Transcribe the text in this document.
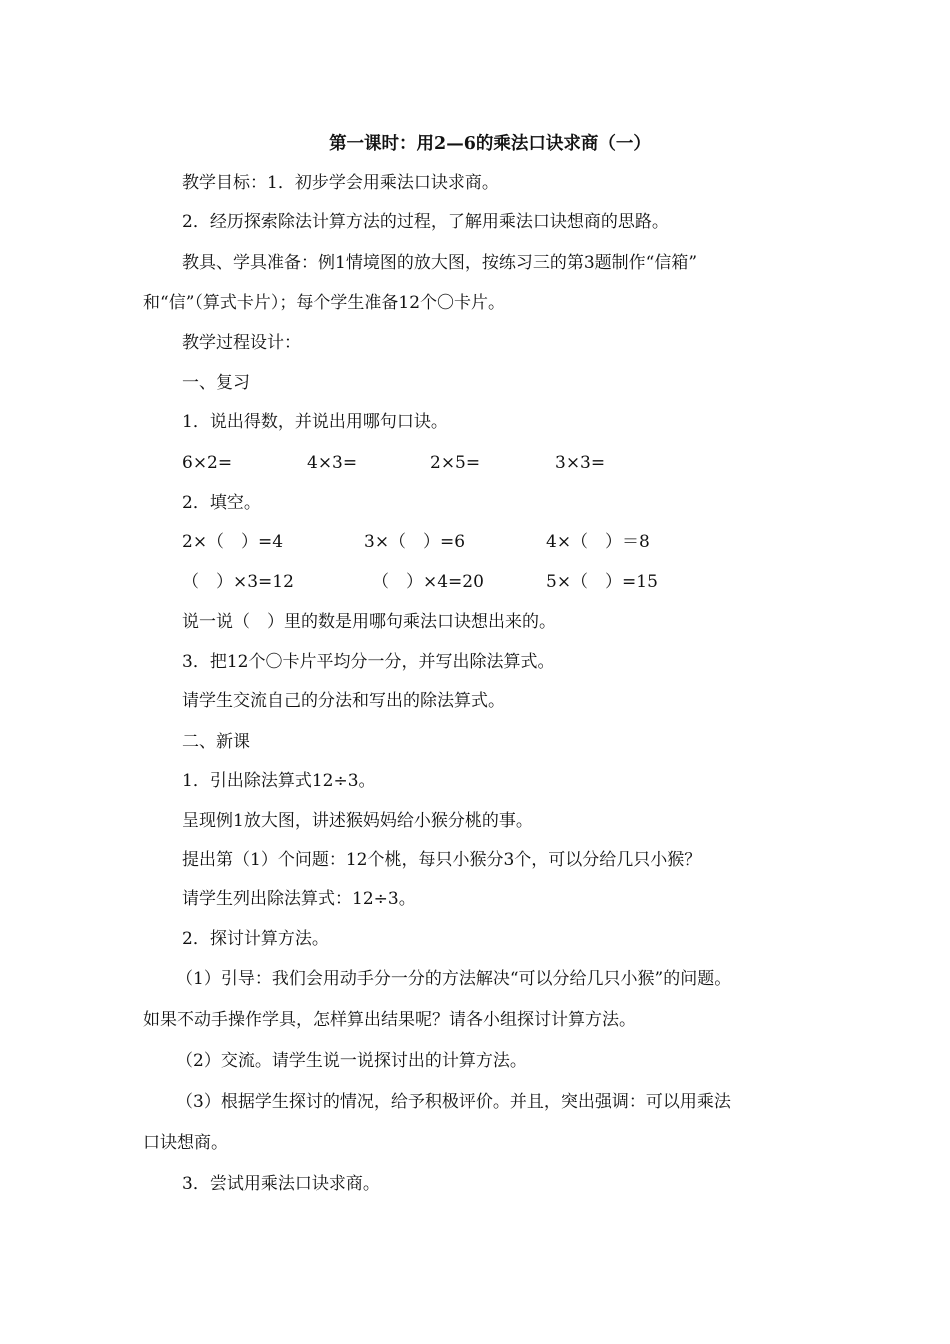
第一课时：用2—6的乘法口诀求商（一）
教学目标：1．初步学会用乘法口诀求商。
2．经历探索除法计算方法的过程，了解用乘法口诀想商的思路。
教具、学具准备：例1情境图的放大图，按练习三的第3题制作“信箱”
和“信”（算式卡片）；每个学生准备12个〇卡片。
教学过程设计：
一、复习
1．说出得数，并说出用哪句口诀。
6×2=	4×3=	2×5=	3×3=
2．填空。
2×（　）=4	3×（　）=6	4×（　）＝8
（　）×3=12	（　）×4=20	5×（　）=15
说一说（　）里的数是用哪句乘法口诀想出来的。
3．把12个〇卡片平均分一分，并写出除法算式。
请学生交流自己的分法和写出的除法算式。
二、新课
1．引出除法算式12÷3。
呈现例1放大图，讲述猴妈妈给小猴分桃的事。
提出第（1）个问题：12个桃，每只小猴分3个，可以分给几只小猴？
请学生列出除法算式：12÷3。
2．探讨计算方法。
（1）引导：我们会用动手分一分的方法解决“可以分给几只小猴”的问题。
如果不动手操作学具，怎样算出结果呢？请各小组探讨计算方法。
（2）交流。请学生说一说探讨出的计算方法。
（3）根据学生探讨的情况，给予积极评价。并且，突出强调：可以用乘法
口诀想商。
3．尝试用乘法口诀求商。
